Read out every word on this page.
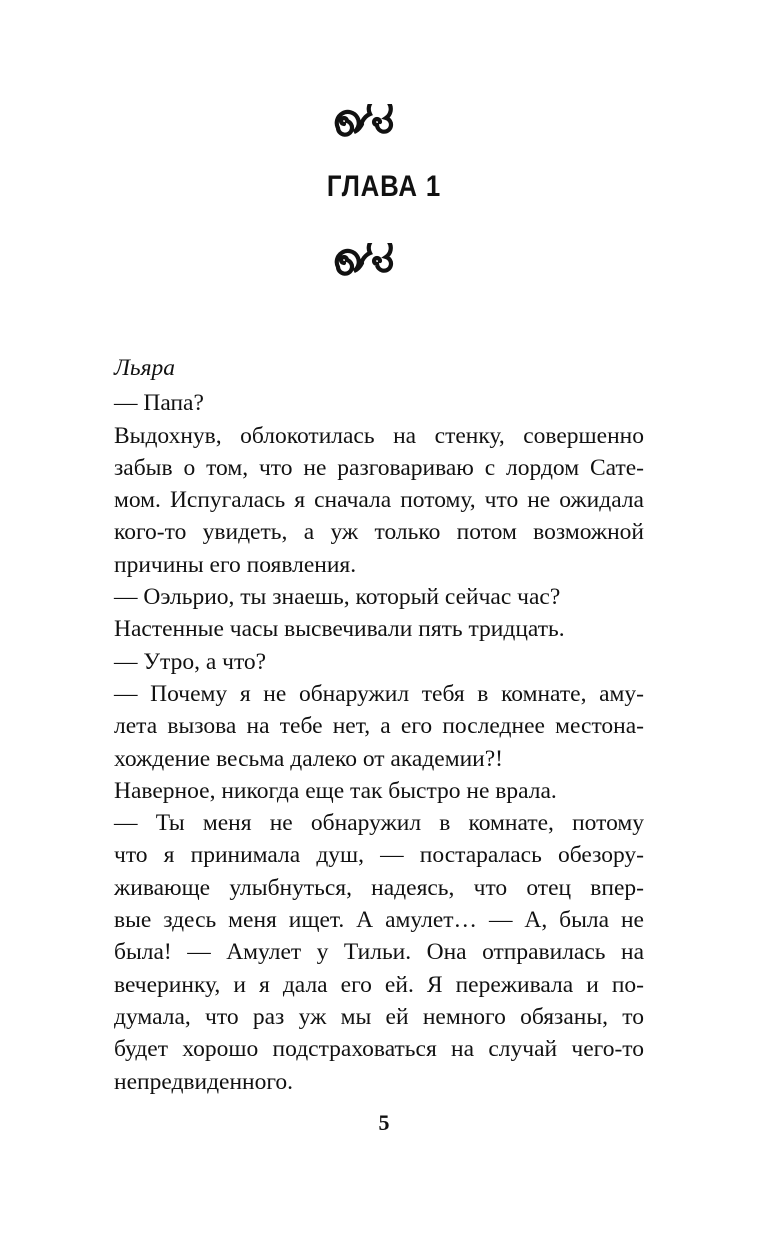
ГЛАВА 1

Льяра

— Папа?

Выдохнув, облокотилась на стенку, совершенно
забыв о том, что не разговариваю с лордом Сате-
мом. Испугалась я сначала потому, что не ожидала
кого-то увидеть, а уж только потом возможной
причины его появления.

— Оэльрио, ты знаешь, который сейчас час?

Настенные часы высвечивали пять тридцать.

— Утро, а что?

— Почему я не обнаружил тебя в комнате, аму-
лета вызова на тебе нет, а его последнее местона-
хождение весьма далеко от академии?!

Наверное, никогда еще так быстро не врала.

— Ты меня не обнаружил в комнате, потому
что я принимала душ, — постаралась обезору-
живающе улыбнуться, надеясь, что отец впер-
вые здесь меня ищет. А амулет… — А, была не
была! — Амулет у Тильи. Она отправилась на
вечеринку, и я дала его ей. Я переживала и по-
думала, что раз уж мы ей немного обязаны, то
будет хорошо подстраховаться на случай чего-то
непредвиденного.

5
